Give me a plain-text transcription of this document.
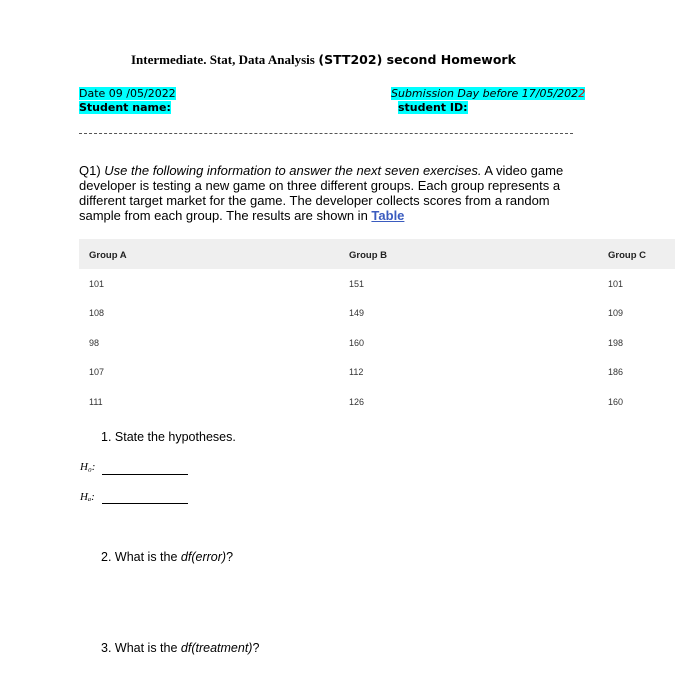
Intermediate. Stat, Data Analysis (STT202) second Homework
Date 09 /05/2022
Student name:
Submission Day before 17/05/2022
student ID:
Q1) Use the following information to answer the next seven exercises. A video game developer is testing a new game on three different groups. Each group represents a different target market for the game. The developer collects scores from a random sample from each group. The results are shown in Table
Group A	Group B	Group C
101	151	101
108	149	109
98	160	198
107	112	186
111	126	160
1. State the hypotheses.
H₀:
Hₐ:
2. What is the df(error)?
3. What is the df(treatment)?
